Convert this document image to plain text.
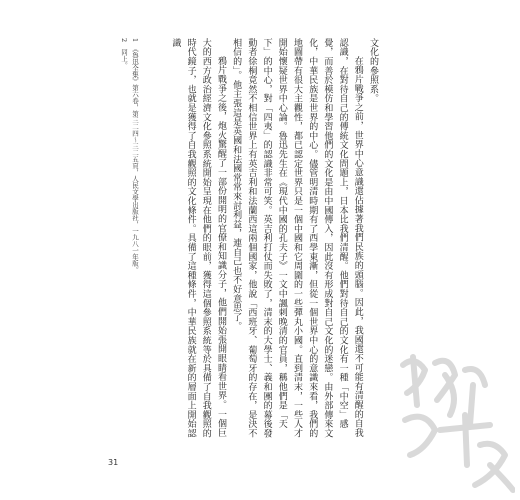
文化的參照系。

在鴉片戰爭之前，世界中心意識還佔據著我們民族的頭腦。因此，我國還不可能有清醒的自我認識，在對待自己的傳統文化問題上，日本比我們清醒。他們對待自己的文化有一種「中空」感覺，而善於模仿和學習他們的文化是由中國傳入，因此沒有形成對自己文化的迷戀。由外部傳來文化，中華民族是世界的中心。儘管明清時期有了西學東漸，但從一個世界中心的意識來看，我們的地圖帶有很大主觀性，都已認定世界只是一個中國和它周圍的一些彈丸小國。直到清末，一些人才開始懷疑世界中心論。魯迅先生在《現代中國的孔夫子》一文中諷刺晚清的官員，稱他們是「天下」的中心，對「四夷」的認識非常可笑。英吉利打仗而失敗了，清末的大學士、義和團的幕後發動者徐桐竟然不相信世界上有英吉利和法蘭西這兩個國家，他說「西班牙、葡萄牙的存在，是決不相信的」。他主張這是英國和法國常常來討利益，連自己也不好意思了。

鴉片戰爭之後，炮火驚醒了一部份開明的官僚和知識分子，他們開始張開眼睛看世界。一個巨大的西方政治經濟文化參照系統開始呈現在他們的眼前，獲得這個參照系統等於具備了自我觀照的時代鏡子，也就是獲得了自我觀照的文化條件。具備了這種條件，中華民族就在新的層面上開始認識

1　《魯迅全集》第六卷，第三二四～三二五頁，人民文學出版社，一九八一年版。
2　同上。
31
